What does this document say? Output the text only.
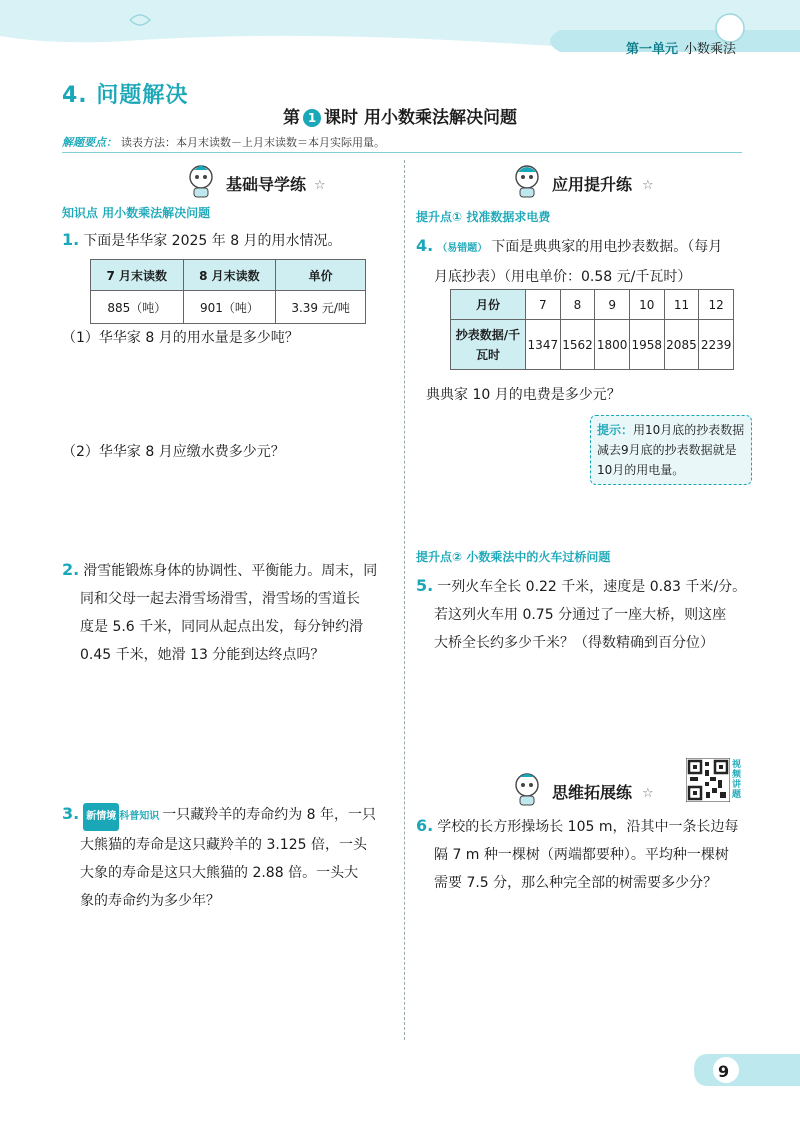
第一单元 小数乘法
4. 问题解决
第 1 课时 用小数乘法解决问题
解题要点： 读表方法：本月末读数－上月末读数＝本月实际用量。
基础导学练 ☆
知识点 用小数乘法解决问题
1. 下面是华华家 2025 年 8 月的用水情况。
7 月末读数	8 月末读数	单价
885（吨）	901（吨）	3.39 元/吨
（1）华华家 8 月的用水量是多少吨？
（2）华华家 8 月应缴水费多少元？
2. 滑雪能锻炼身体的协调性、平衡能力。周末，同
同和父母一起去滑雪场滑雪，滑雪场的雪道长
度是 5.6 千米，同同从起点出发，每分钟约滑
0.45 千米，她滑 13 分能到达终点吗？
3. 新情境 科普知识 一只藏羚羊的寿命约为 8 年，一只
大熊猫的寿命是这只藏羚羊的 3.125 倍，一头
大象的寿命是这只大熊猫的 2.88 倍。一头大
象的寿命约为多少年？
应用提升练 ☆
提升点① 找准数据求电费
4. （易错题） 下面是典典家的用电抄表数据。（每月
月底抄表）（用电单价：0.58 元/千瓦时）
月份	7	8	9	10	11	12
抄表数据/千瓦时	1347	1562	1800	1958	2085	2239
典典家 10 月的电费是多少元？
提示：用10月底的抄表数据减去9月底的抄表数据就是10月的用电量。
提升点② 小数乘法中的火车过桥问题
5. 一列火车全长 0.22 千米，速度是 0.83 千米/分。
若这列火车用 0.75 分通过了一座大桥，则这座
大桥全长约多少千米？（得数精确到百分位）
思维拓展练 ☆
视频讲题
6. 学校的长方形操场长 105 m，沿其中一条长边每
隔 7 m 种一棵树（两端都要种）。平均种一棵树
需要 7.5 分，那么种完全部的树需要多少分？
9
